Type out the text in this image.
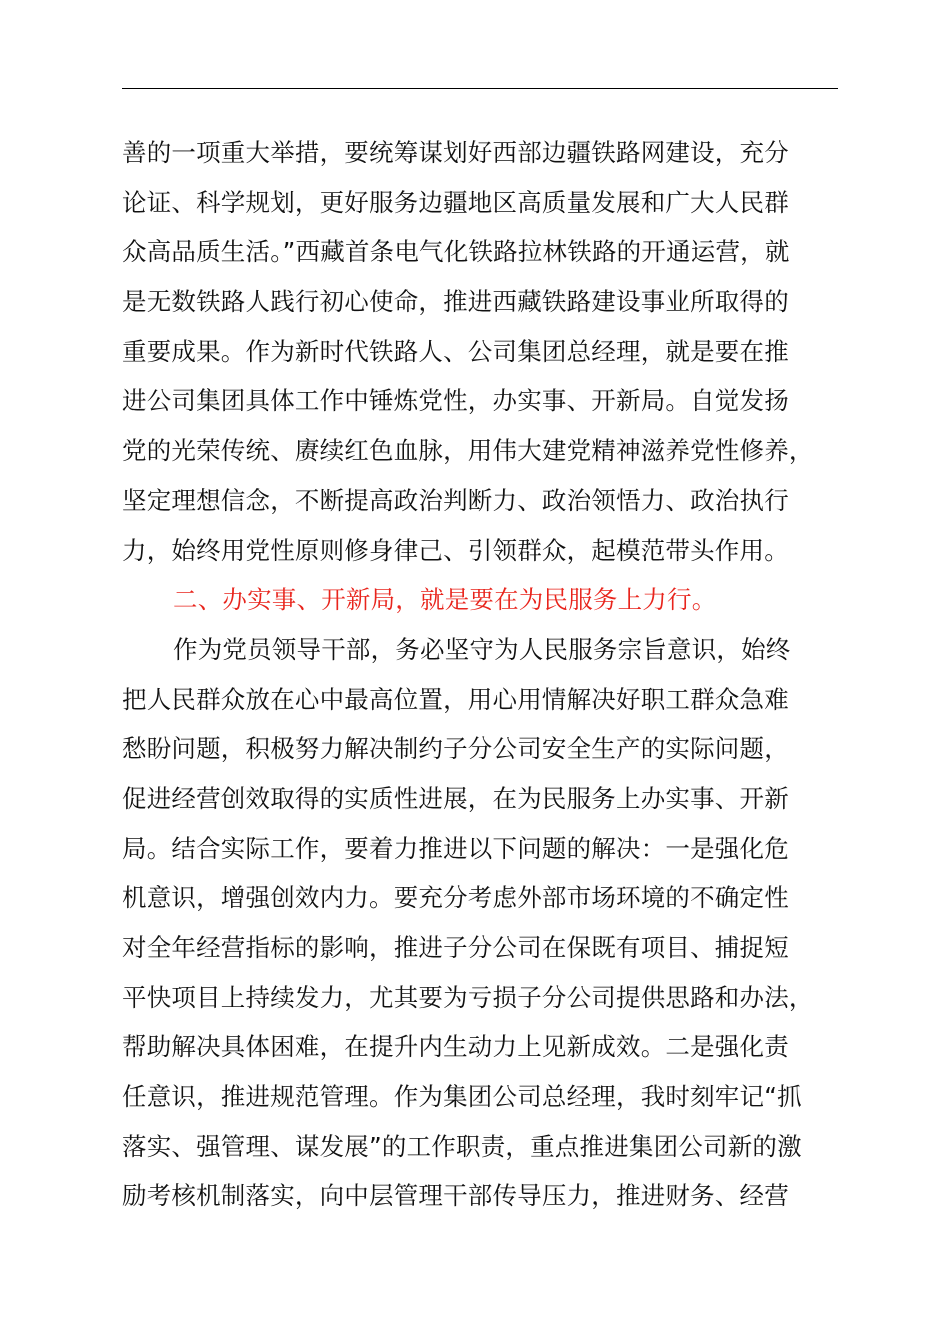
善的一项重大举措，要统筹谋划好西部边疆铁路网建设，充分
论证、科学规划，更好服务边疆地区高质量发展和广大人民群
众高品质生活。”西藏首条电气化铁路拉林铁路的开通运营，就
是无数铁路人践行初心使命，推进西藏铁路建设事业所取得的
重要成果。作为新时代铁路人、公司集团总经理，就是要在推
进公司集团具体工作中锤炼党性，办实事、开新局。自觉发扬
党的光荣传统、赓续红色血脉，用伟大建党精神滋养党性修养，
坚定理想信念，不断提高政治判断力、政治领悟力、政治执行
力，始终用党性原则修身律己、引领群众，起模范带头作用。
二、办实事、开新局，就是要在为民服务上力行。
作为党员领导干部，务必坚守为人民服务宗旨意识，始终
把人民群众放在心中最高位置，用心用情解决好职工群众急难
愁盼问题，积极努力解决制约子分公司安全生产的实际问题，
促进经营创效取得的实质性进展，在为民服务上办实事、开新
局。结合实际工作，要着力推进以下问题的解决：一是强化危
机意识，增强创效内力。要充分考虑外部市场环境的不确定性
对全年经营指标的影响，推进子分公司在保既有项目、捕捉短
平快项目上持续发力，尤其要为亏损子分公司提供思路和办法，
帮助解决具体困难，在提升内生动力上见新成效。二是强化责
任意识，推进规范管理。作为集团公司总经理，我时刻牢记“抓
落实、强管理、谋发展”的工作职责，重点推进集团公司新的激
励考核机制落实，向中层管理干部传导压力，推进财务、经营
